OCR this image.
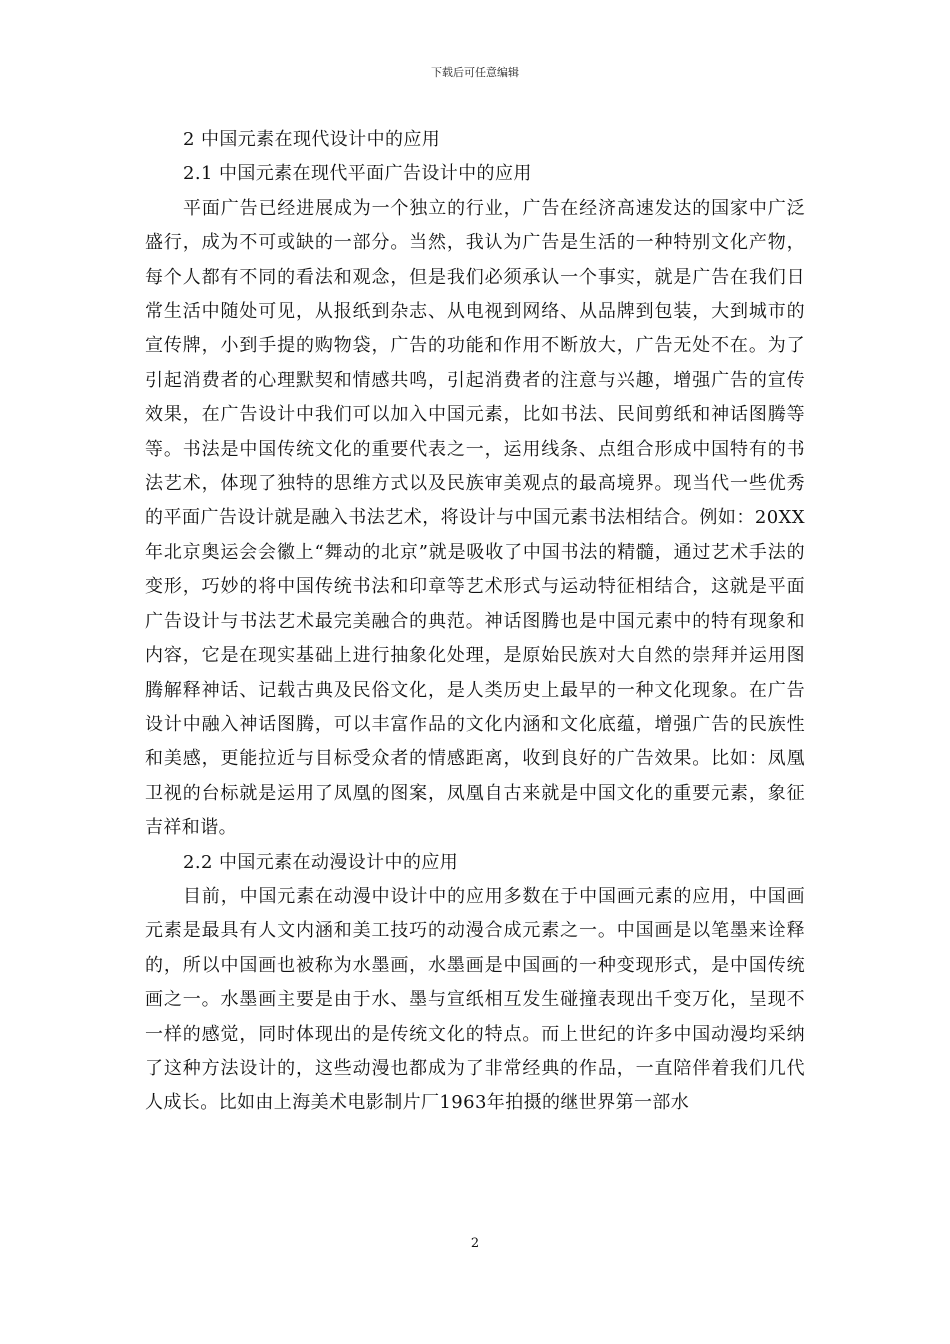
下载后可任意编辑

2 中国元素在现代设计中的应用

2.1 中国元素在现代平面广告设计中的应用

平面广告已经进展成为一个独立的行业，广告在经济高速发达的国家中广泛盛行，成为不可或缺的一部分。当然，我认为广告是生活的一种特别文化产物，每个人都有不同的看法和观念，但是我们必须承认一个事实，就是广告在我们日常生活中随处可见，从报纸到杂志、从电视到网络、从品牌到包装，大到城市的宣传牌，小到手提的购物袋，广告的功能和作用不断放大，广告无处不在。为了引起消费者的心理默契和情感共鸣，引起消费者的注意与兴趣，增强广告的宣传效果，在广告设计中我们可以加入中国元素，比如书法、民间剪纸和神话图腾等等。书法是中国传统文化的重要代表之一，运用线条、点组合形成中国特有的书法艺术，体现了独特的思维方式以及民族审美观点的最高境界。现当代一些优秀的平面广告设计就是融入书法艺术，将设计与中国元素书法相结合。例如：20XX年北京奥运会会徽上“舞动的北京”就是吸收了中国书法的精髓，通过艺术手法的变形，巧妙的将中国传统书法和印章等艺术形式与运动特征相结合，这就是平面广告设计与书法艺术最完美融合的典范。神话图腾也是中国元素中的特有现象和内容，它是在现实基础上进行抽象化处理，是原始民族对大自然的崇拜并运用图腾解释神话、记载古典及民俗文化，是人类历史上最早的一种文化现象。在广告设计中融入神话图腾，可以丰富作品的文化内涵和文化底蕴，增强广告的民族性和美感，更能拉近与目标受众者的情感距离，收到良好的广告效果。比如：凤凰卫视的台标就是运用了凤凰的图案，凤凰自古来就是中国文化的重要元素，象征吉祥和谐。

2.2 中国元素在动漫设计中的应用

目前，中国元素在动漫中设计中的应用多数在于中国画元素的应用，中国画元素是最具有人文内涵和美工技巧的动漫合成元素之一。中国画是以笔墨来诠释的，所以中国画也被称为水墨画，水墨画是中国画的一种变现形式，是中国传统画之一。水墨画主要是由于水、墨与宣纸相互发生碰撞表现出千变万化，呈现不一样的感觉，同时体现出的是传统文化的特点。而上世纪的许多中国动漫均采纳了这种方法设计的，这些动漫也都成为了非常经典的作品，一直陪伴着我们几代人成长。比如由上海美术电影制片厂1963年拍摄的继世界第一部水

2
